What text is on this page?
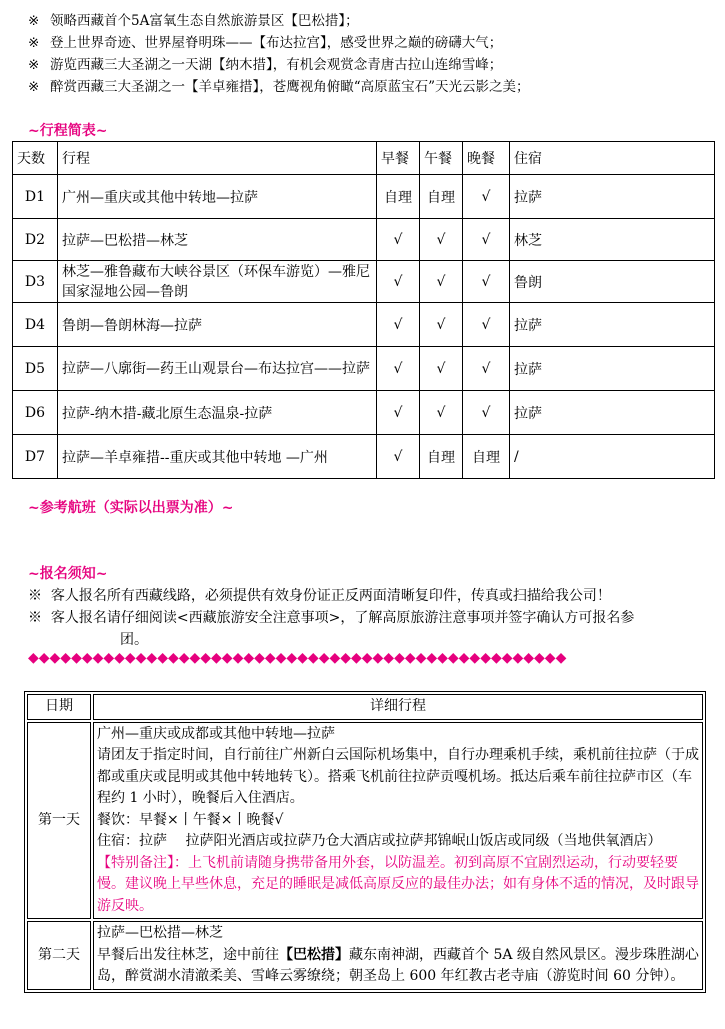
※ 领略西藏首个5A富氧生态自然旅游景区【巴松措】；
※ 登上世界奇迹、世界屋脊明珠——【布达拉宫】，感受世界之巅的磅礴大气；
※ 游览西藏三大圣湖之一天湖【纳木措】，有机会观赏念青唐古拉山连绵雪峰；
※ 醉赏西藏三大圣湖之一【羊卓雍措】，苍鹰视角俯瞰“高原蓝宝石”天光云影之美；
~行程简表~
天数	行程	早餐	午餐	晚餐	住宿
D1	广州—重庆或其他中转地—拉萨	自理	自理	√	拉萨
D2	拉萨—巴松措—林芝	√	√	√	林芝
D3	林芝—雅鲁藏布大峡谷景区（环保车游览）—雅尼国家湿地公园—鲁朗	√	√	√	鲁朗
D4	鲁朗—鲁朗林海—拉萨	√	√	√	拉萨
D5	拉萨—八廓街—药王山观景台—布达拉宫——拉萨	√	√	√	拉萨
D6	拉萨-纳木措-藏北原生态温泉-拉萨	√	√	√	拉萨
D7	拉萨—羊卓雍措--重庆或其他中转地 —广州	√	自理	自理	/
~参考航班（实际以出票为准）~
~报名须知~
※ 客人报名所有西藏线路，必须提供有效身份证正反两面清晰复印件，传真或扫描给我公司！
※ 客人报名请仔细阅读<西藏旅游安全注意事项>，了解高原旅游注意事项并签字确认方可报名参
团。
◆◆◆◆◆◆◆◆◆◆◆◆◆◆◆◆◆◆◆◆◆◆◆◆◆◆◆◆◆◆◆◆◆◆◆◆◆◆◆◆◆◆◆◆◆◆◆◆◆◆
日期	详细行程
第一天	广州—重庆或成都或其他中转地—拉萨
请团友于指定时间，自行前往广州新白云国际机场集中，自行办理乘机手续，乘机前往拉萨（于成都或重庆或昆明或其他中转地转飞）。搭乘飞机前往拉萨贡嘎机场。抵达后乘车前往拉萨市区（车程约 1 小时），晚餐后入住酒店。
餐饮：早餐×丨午餐×丨晚餐√
住宿：拉萨　 拉萨阳光酒店或拉萨乃仓大酒店或拉萨邦锦岷山饭店或同级（当地供氧酒店）
【特别备注】：上飞机前请随身携带备用外套，以防温差。初到高原不宜剧烈运动，行动要轻要慢。建议晚上早些休息，充足的睡眠是减低高原反应的最佳办法；如有身体不适的情况，及时跟导游反映。

第二天	拉萨—巴松措—林芝
早餐后出发往林芝，途中前往【巴松措】藏东南神湖，西藏首个 5A 级自然风景区。漫步珠胜湖心岛，醉赏湖水清澈柔美、雪峰云雾缭绕；朝圣岛上 600 年红教古老寺庙（游览时间 60 分钟）。
